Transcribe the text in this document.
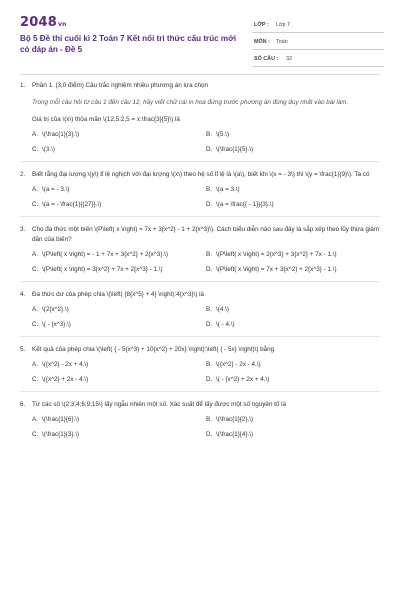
2048vn
Bộ 5 Đề thi cuối kì 2 Toán 7 Kết nối tri thức cấu trúc mới có đáp án - Đề 5
LỚP : Lớp 7
MÔN : Toán
SỐ CÂU : 32
1. Phần 1. (3,0 điểm) Câu trắc nghiệm nhiều phương án lựa chọn
Trong mỗi câu hỏi từ câu 1 đến câu 12, hãy viết chữ cái in hoa đứng trước phương án đúng duy nhất vào bài làm.
Giá trị của \(x\) thỏa mãn \(12,5:2,5 = x:\frac{3}{5}\) là
A. \(\frac{1}{3}.\)	B. \(5.\)
C. \(3.\)	D. \(\frac{1}{5}.\)
2. Biết rằng đại lượng \(y\) tỉ lệ nghịch với đại lượng \(x\) theo hệ số tỉ lệ là \(a\), biết khi \(x = - 3\) thì \(y = \frac{1}{9}\). Ta có
A. \(a = - 3.\)	B. \(a = 3.\)
C. \(a = - \frac{1}{{27}}.\)	D. \(a = \frac{{ - 1}}{3}.\)
3. Cho đa thức một biến \(P\left( x \right) = 7x + 3{x^2} - 1 + 2{x^3}\). Cách biểu diễn nào sau đây là sắp xếp theo lũy thừa giảm dần của biến?
A. \(P\left( x \right) = - 1 + 7x + 3{x^2} + 2{x^3}.\)	B. \(P\left( x \right) = 2{x^3} + 3{x^2} + 7x - 1.\)
C. \(P\left( x \right) = 3{x^2} + 7x + 2{x^3} - 1.\)	D. \(P\left( x \right) = 7x + 3{x^2} + 2{x^3} - 1.\)
4. Đa thức dư của phép chia \(\left( {8{x^5} + 4} \right):4{x^3}\) là
A. \(2{x^2}.\)	B. \(4.\)
C. \( - {x^3}.\)	D. \( - 4.\)
5. Kết quả của phép chia \(\left( { - 5{x^3} + 10{x^2} + 20x} \right):\left( { - 5x} \right)\) bằng
A. \({x^2} - 2x + 4.\)	B. \({x^2} - 2x - 4.\)
C. \({x^2} + 2x - 4.\)	D. \( - {x^2} + 2x + 4.\)
6. Từ các số \(2;3;4;6;9;15\) lấy ngẫu nhiên một số. Xác suất để lấy được một số nguyên tố là
A. \(\frac{1}{6}.\)	B. \(\frac{1}{2}.\)
C. \(\frac{1}{3}.\)	D. \(\frac{1}{4}.\)
